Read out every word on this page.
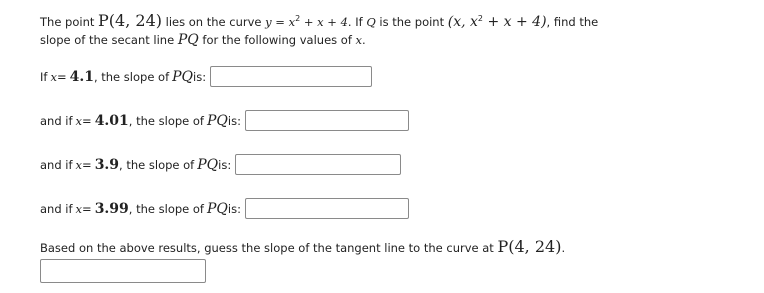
The point P(4, 24) lies on the curve $y = x^2 + x + 4$. If Q is the point (x, $x^2 + x + 4$), find the
slope of the secant line PQ for the following values of x.
If x = 4.1 , the slope of PQ is:
and if x = 4.01 , the slope of PQ is:
and if x = 3.9 , the slope of PQ is:
and if x = 3.99 , the slope of PQ is:
Based on the above results, guess the slope of the tangent line to the curve at P(4, 24).
